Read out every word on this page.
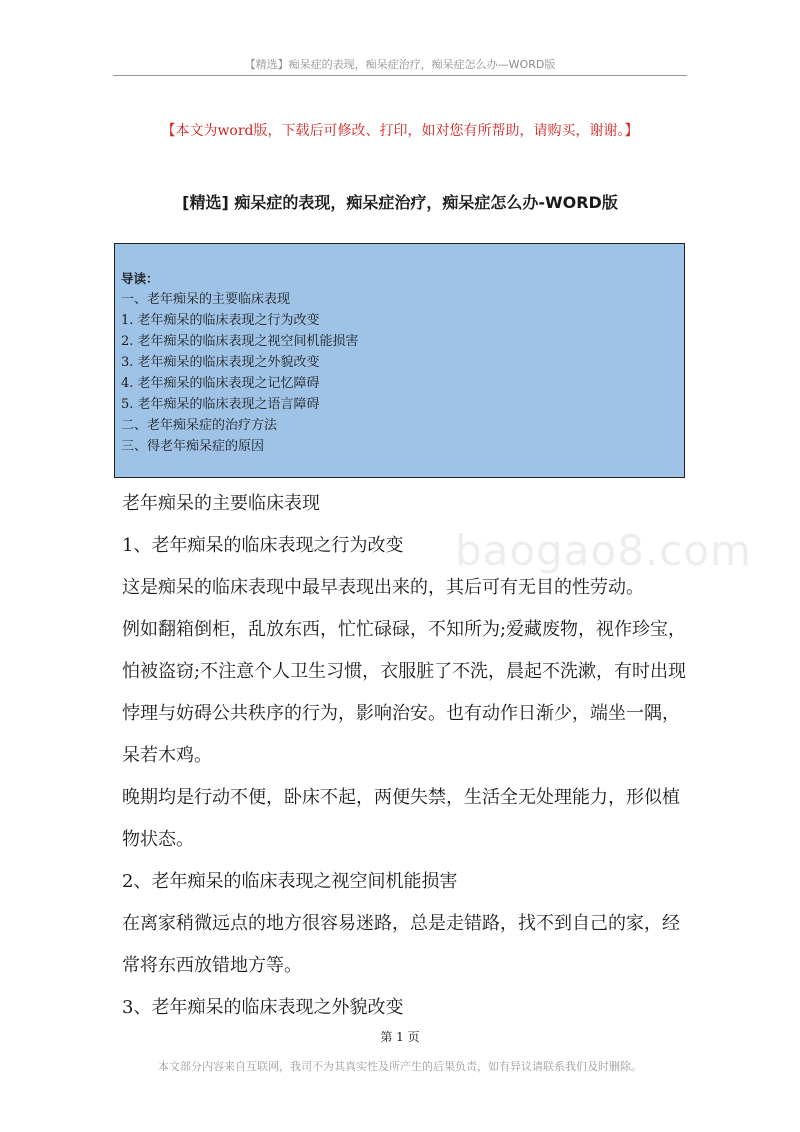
【精选】痴呆症的表现，痴呆症治疗，痴呆症怎么办—WORD版
【本文为word版，下载后可修改、打印，如对您有所帮助，请购买，谢谢。】
[精选] 痴呆症的表现，痴呆症治疗，痴呆症怎么办-WORD版
导读：
一、老年痴呆的主要临床表现
1. 老年痴呆的临床表现之行为改变
2. 老年痴呆的临床表现之视空间机能损害
3. 老年痴呆的临床表现之外貌改变
4. 老年痴呆的临床表现之记忆障碍
5. 老年痴呆的临床表现之语言障碍
二、老年痴呆症的治疗方法
三、得老年痴呆症的原因
baogao8.com

老年痴呆的主要临床表现

1、老年痴呆的临床表现之行为改变

这是痴呆的临床表现中最早表现出来的，其后可有无目的性劳动。

例如翻箱倒柜，乱放东西，忙忙碌碌，不知所为;爱藏废物，视作珍宝，怕被盗窃;不注意个人卫生习惯，衣服脏了不洗，晨起不洗漱，有时出现悖理与妨碍公共秩序的行为，影响治安。也有动作日渐少，端坐一隅，呆若木鸡。

晚期均是行动不便，卧床不起，两便失禁，生活全无处理能力，形似植物状态。

2、老年痴呆的临床表现之视空间机能损害

在离家稍微远点的地方很容易迷路，总是走错路，找不到自己的家，经常将东西放错地方等。

3、老年痴呆的临床表现之外貌改变

第 1 页
本文部分内容来自互联网，我司不为其真实性及所产生的后果负责，如有异议请联系我们及时删除。
